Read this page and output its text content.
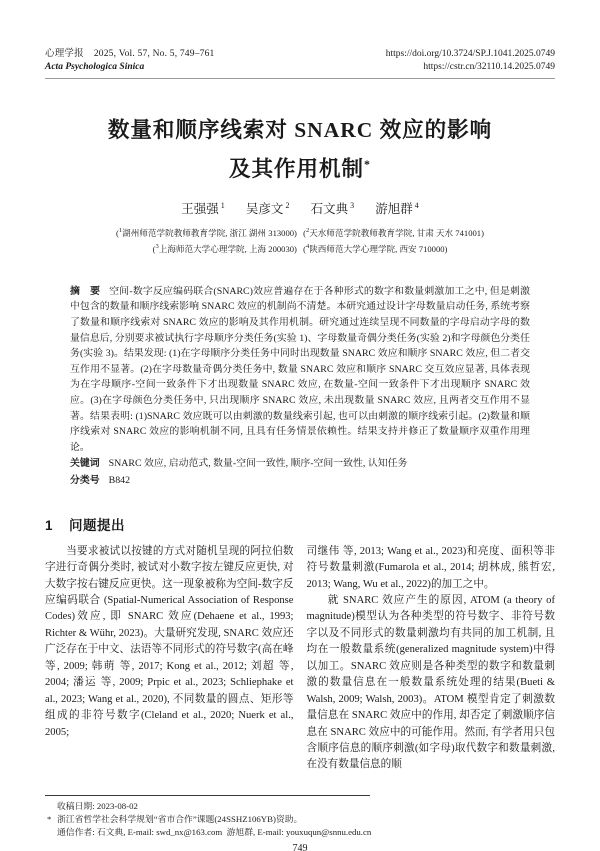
心理学报 2025, Vol. 57, No. 5, 749–761
Acta Psychologica Sinica
https://doi.org/10.3724/SP.J.1041.2025.0749
https://cstr.cn/32110.14.2025.0749
数量和顺序线索对 SNARC 效应的影响
及其作用机制*
王强强 $^1$ 吴彦文 $^2$ 石文典 $^3$ 游旭群 $^4$
($^1$湖州师范学院教师教育学院, 浙江 湖州 313000) ($^2$天水师范学院教师教育学院, 甘肃 天水 741001)
($^3$上海师范大学心理学院, 上海 200030) ($^4$陕西师范大学心理学院, 西安 710000)
摘　要 空间-数字反应编码联合(SNARC)效应普遍存在于各种形式的数字和数量刺激加工之中, 但是刺激中包含的数量和顺序线索影响 SNARC 效应的机制尚不清楚。本研究通过设计字母数量启动任务, 系统考察了数量和顺序线索对 SNARC 效应的影响及其作用机制。研究通过连续呈现不同数量的字母启动字母的数量信息后, 分别要求被试执行字母顺序分类任务(实验 1)、字母数量奇偶分类任务(实验 2)和字母颜色分类任务(实验 3)。结果发现: (1)在字母顺序分类任务中同时出现数量 SNARC 效应和顺序 SNARC 效应, 但二者交互作用不显著。(2)在字母数量奇偶分类任务中, 数量 SNARC 效应和顺序 SNARC 交互效应显著, 具体表现为在字母顺序-空间一致条件下才出现数量 SNARC 效应, 在数量-空间一致条件下才出现顺序 SNARC 效应。(3)在字母颜色分类任务中, 只出现顺序 SNARC 效应, 未出现数量 SNARC 效应, 且两者交互作用不显著。结果表明: (1)SNARC 效应既可以由刺激的数量线索引起, 也可以由刺激的顺序线索引起。(2)数量和顺序线索对 SNARC 效应的影响机制不同, 且具有任务情景依赖性。结果支持并修正了数量顺序双重作用理论。
关键词 SNARC 效应, 启动范式, 数量-空间一致性, 顺序-空间一致性, 认知任务
分类号 B842
1 问题提出

当要求被试以按键的方式对随机呈现的阿拉伯数字进行奇偶分类时, 被试对小数字按左键反应更快, 对大数字按右键反应更快。这一现象被称为空间-数字反应编码联合 (Spatial-Numerical Association of Response Codes)效应, 即 SNARC 效应(Dehaene et al., 1993; Richter & Wühr, 2023)。大量研究发现, SNARC 效应还广泛存在于中文、法语等不同形式的符号数字(高在峰 等, 2009; 韩萌 等, 2017; Kong et al., 2012; 刘超 等, 2004; 潘运 等, 2009; Prpic et al., 2023; Schliephake et al., 2023; Wang et al., 2020), 不同数量的圆点、矩形等组成的非符号数字(Cleland et al., 2020; Nuerk et al., 2005;

司继伟 等, 2013; Wang et al., 2023)和亮度、面积等非符号数量刺激(Fumarola et al., 2014; 胡林成, 熊哲宏, 2013; Wang, Wu et al., 2022)的加工之中。

就 SNARC 效应产生的原因, ATOM (a theory of magnitude)模型认为各种类型的符号数字、非符号数字以及不同形式的数量刺激均有共同的加工机制, 且均在一般数量系统(generalized magnitude system)中得以加工。SNARC 效应则是各种类型的数字和数量刺激的数量信息在一般数量系统处理的结果(Bueti & Walsh, 2009; Walsh, 2003)。ATOM 模型肯定了刺激数量信息在 SNARC 效应中的作用, 却否定了刺激顺序信息在 SNARC 效应中的可能作用。然而, 有学者用只包含顺序信息的顺序刺激(如字母)取代数字和数量刺激, 在没有数量信息的顺

收稿日期: 2023-08-02

* 浙江省哲学社会科学规划“省市合作”课题(24SSHZ106YB)资助。

通信作者: 石文典, E-mail: swd_nx@163.com  游旭群, E-mail: youxuqun@snnu.edu.cn

749
